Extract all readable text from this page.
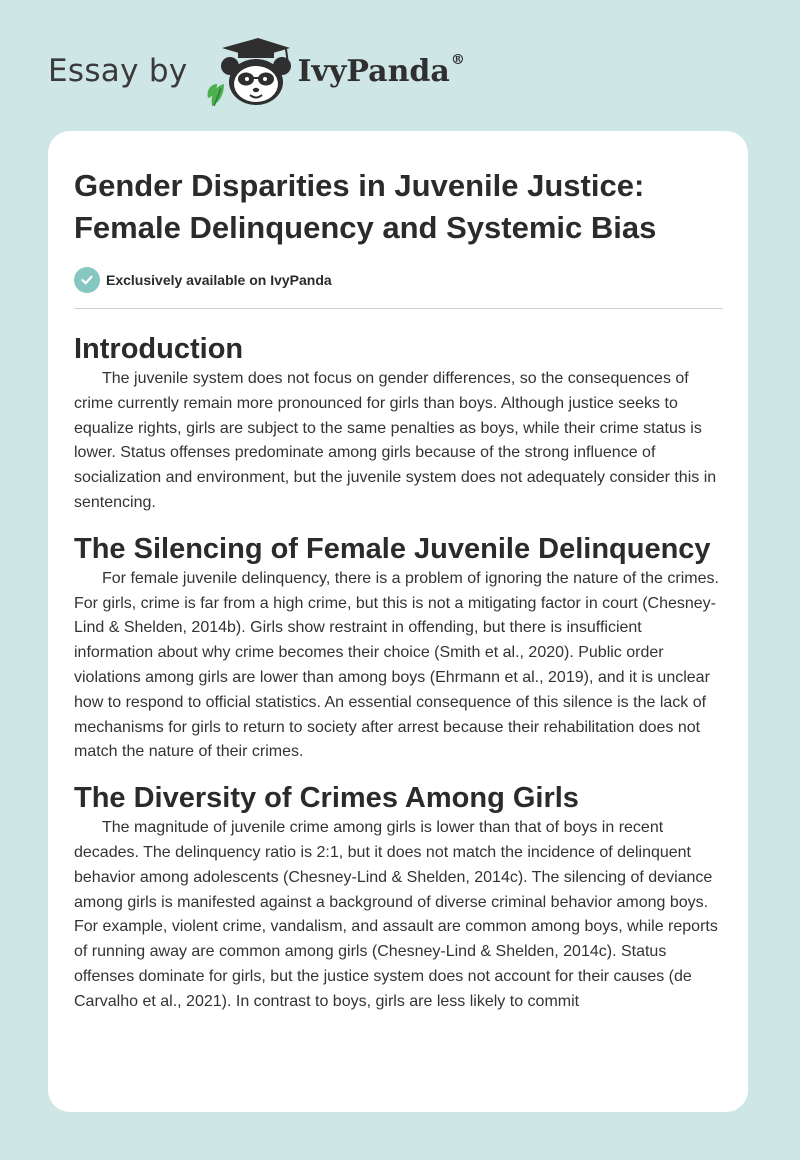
Essay by	IvyPanda®
Gender Disparities in Juvenile Justice: Female Delinquency and Systemic Bias
Exclusively available on IvyPanda
Introduction

The juvenile system does not focus on gender differences, so the consequences of crime currently remain more pronounced for girls than boys. Although justice seeks to equalize rights, girls are subject to the same penalties as boys, while their crime status is lower. Status offenses predominate among girls because of the strong influence of socialization and environment, but the juvenile system does not adequately consider this in sentencing.

The Silencing of Female Juvenile Delinquency

For female juvenile delinquency, there is a problem of ignoring the nature of the crimes. For girls, crime is far from a high crime, but this is not a mitigating factor in court (Chesney-Lind & Shelden, 2014b). Girls show restraint in offending, but there is insufficient information about why crime becomes their choice (Smith et al., 2020). Public order violations among girls are lower than among boys (Ehrmann et al., 2019), and it is unclear how to respond to official statistics. An essential consequence of this silence is the lack of mechanisms for girls to return to society after arrest because their rehabilitation does not match the nature of their crimes.

The Diversity of Crimes Among Girls

The magnitude of juvenile crime among girls is lower than that of boys in recent decades. The delinquency ratio is 2:1, but it does not match the incidence of delinquent behavior among adolescents (Chesney-Lind & Shelden, 2014c). The silencing of deviance among girls is manifested against a background of diverse criminal behavior among boys. For example, violent crime, vandalism, and assault are common among boys, while reports of running away are common among girls (Chesney-Lind & Shelden, 2014c). Status offenses dominate for girls, but the justice system does not account for their causes (de Carvalho et al., 2021). In contrast to boys, girls are less likely to commit
